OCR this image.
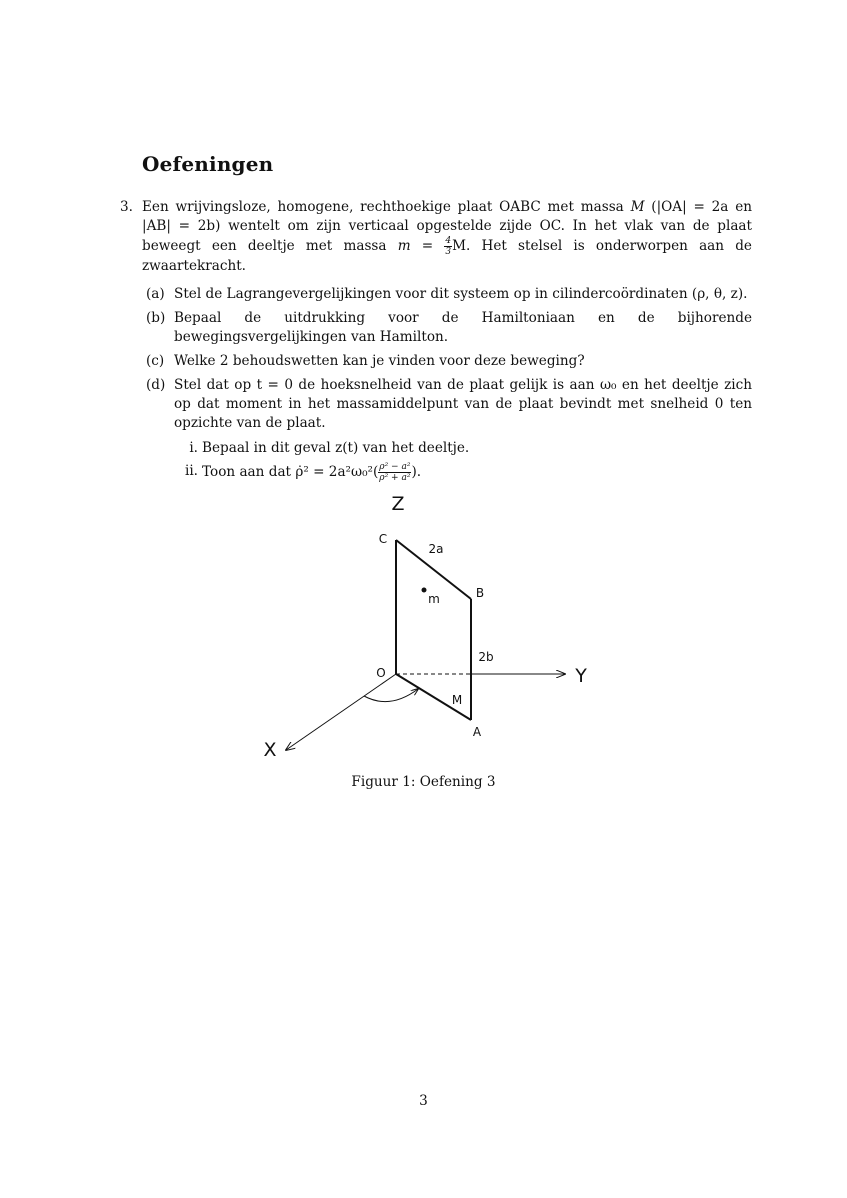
Oefeningen
3. Een wrijvingsloze, homogene, rechthoekige plaat OABC met massa M (|OA| = 2a en |AB| = 2b) wentelt om zijn verticaal opgestelde zijde OC. In het vlak van de plaat beweegt een deeltje met massa $m = \frac{4}{3} M$. Het stelsel is onderworpen aan de zwaartekracht.
(a) Stel de Lagrangevergelijkingen voor dit systeem op in cilindercoördinaten (ρ, θ, z).
(b) Bepaal de uitdrukking voor de Hamiltoniaan en de bijhorende bewegingsvergelijkingen van Hamilton.
(c) Welke 2 behoudswetten kan je vinden voor deze beweging?
(d) Stel dat op t = 0 de hoeksnelheid van de plaat gelijk is aan ω₀ en het deeltje zich op dat moment in het massamiddelpunt van de plaat bevindt met snelheid 0 ten opzichte van de plaat.
i. Bepaal in dit geval z(t) van het deeltje.
ii. Toon aan dat ρ̇² = $2a^2\omega_0^2( \frac{\text{ρ² − a²}}{\text{ρ² + a²}}$ ).
Z
Y
X
C
2a
B
m
2b
O
M
A
Figuur 1: Oefening 3
3
